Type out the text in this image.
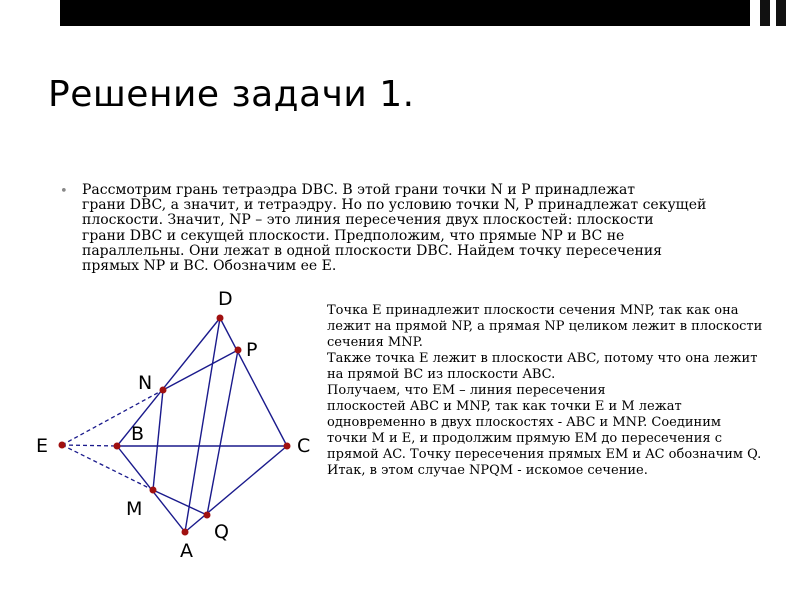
Решение задачи 1.
• Рассмотрим грань тетраэдра DBC. В этой грани точки N и P принадлежат
грани DBC, а значит, и тетраэдру. Но по условию точки N, P принадлежат секущей
плоскости. Значит, NP – это линия пересечения двух плоскостей: плоскости
грани DBC и секущей плоскости. Предположим, что прямые NP и BC не
параллельны. Они лежат в одной плоскости DBC. Найдем точку пересечения
прямых NP и BC. Обозначим ее E.
Точка E принадлежит плоскости сечения MNP, так как она
лежит на прямой NP, а прямая NP целиком лежит в плоскости
сечения MNP.
Также точка E лежит в плоскости ABC, потому что она лежит
на прямой BC из плоскости ABC.
Получаем, что EM – линия пересечения
плоскостей ABC и MNP, так как точки E и M лежат
одновременно в двух плоскостях - ABC и MNP. Соединим
точки M и E, и продолжим прямую EM до пересечения с
прямой AC. Точку пересечения прямых EM и AC обозначим Q.
Итак, в этом случае NPQM - искомое сечение.
D
P
N
E
B
C
M
Q
A
